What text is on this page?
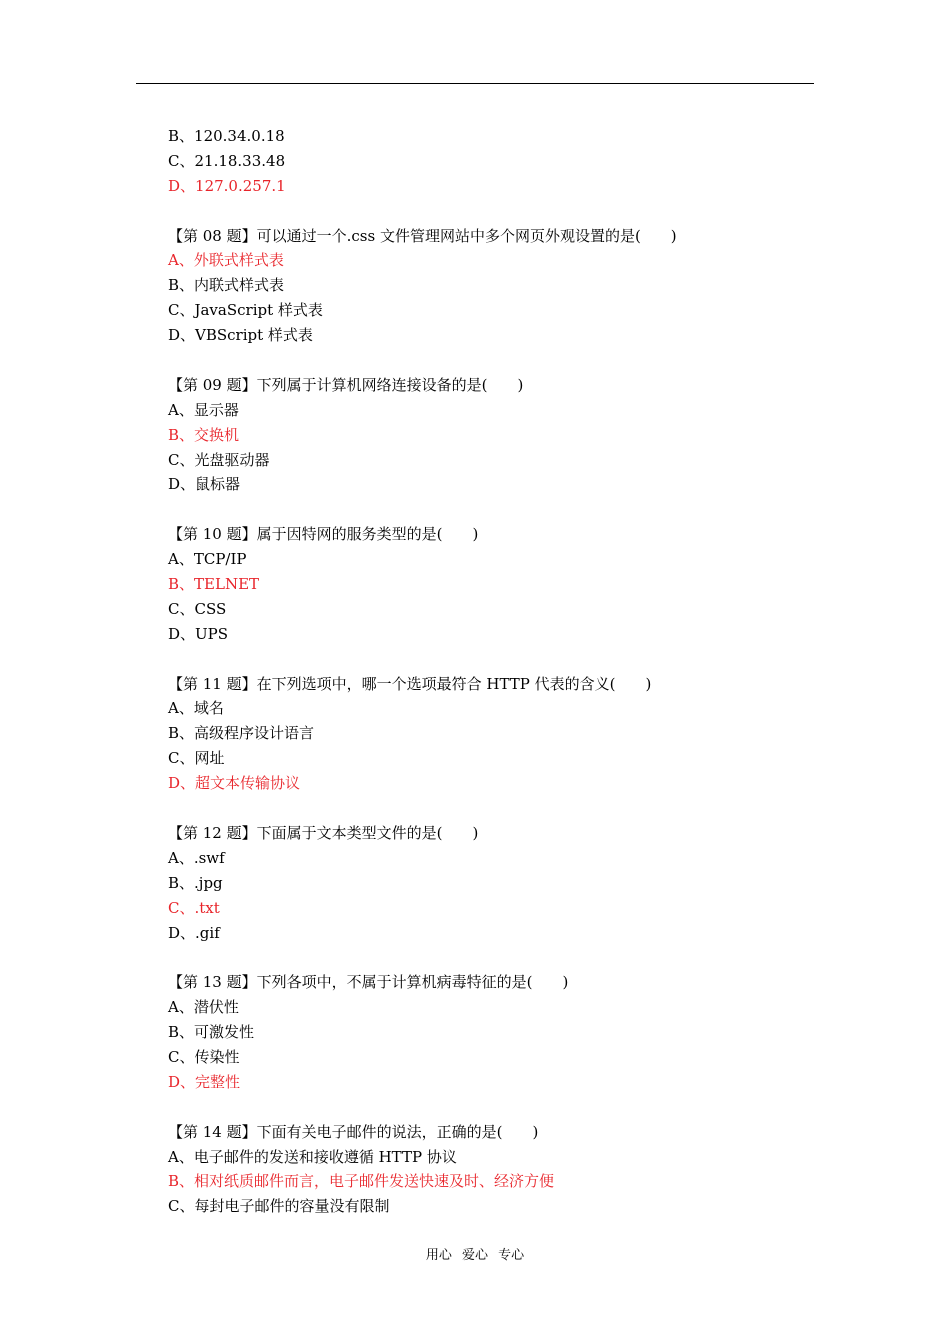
B、120.34.0.18
C、21.18.33.48
D、127.0.257.1
【第 08 题】可以通过一个.css 文件管理网站中多个网页外观设置的是(　　)
A、外联式样式表
B、内联式样式表
C、JavaScript 样式表
D、VBScript 样式表
【第 09 题】下列属于计算机网络连接设备的是(　　)
A、显示器
B、交换机
C、光盘驱动器
D、鼠标器
【第 10 题】属于因特网的服务类型的是(　　)
A、TCP/IP
B、TELNET
C、CSS
D、UPS
【第 11 题】在下列选项中，哪一个选项最符合 HTTP 代表的含义(　　)
A、域名
B、高级程序设计语言
C、网址
D、超文本传输协议
【第 12 题】下面属于文本类型文件的是(　　)
A、.swf
B、.jpg
C、.txt
D、.gif
【第 13 题】下列各项中，不属于计算机病毒特征的是(　　)
A、潜伏性
B、可激发性
C、传染性
D、完整性
【第 14 题】下面有关电子邮件的说法，正确的是(　　)
A、电子邮件的发送和接收遵循 HTTP 协议
B、相对纸质邮件而言，电子邮件发送快速及时、经济方便
C、每封电子邮件的容量没有限制
用心 爱心 专心
